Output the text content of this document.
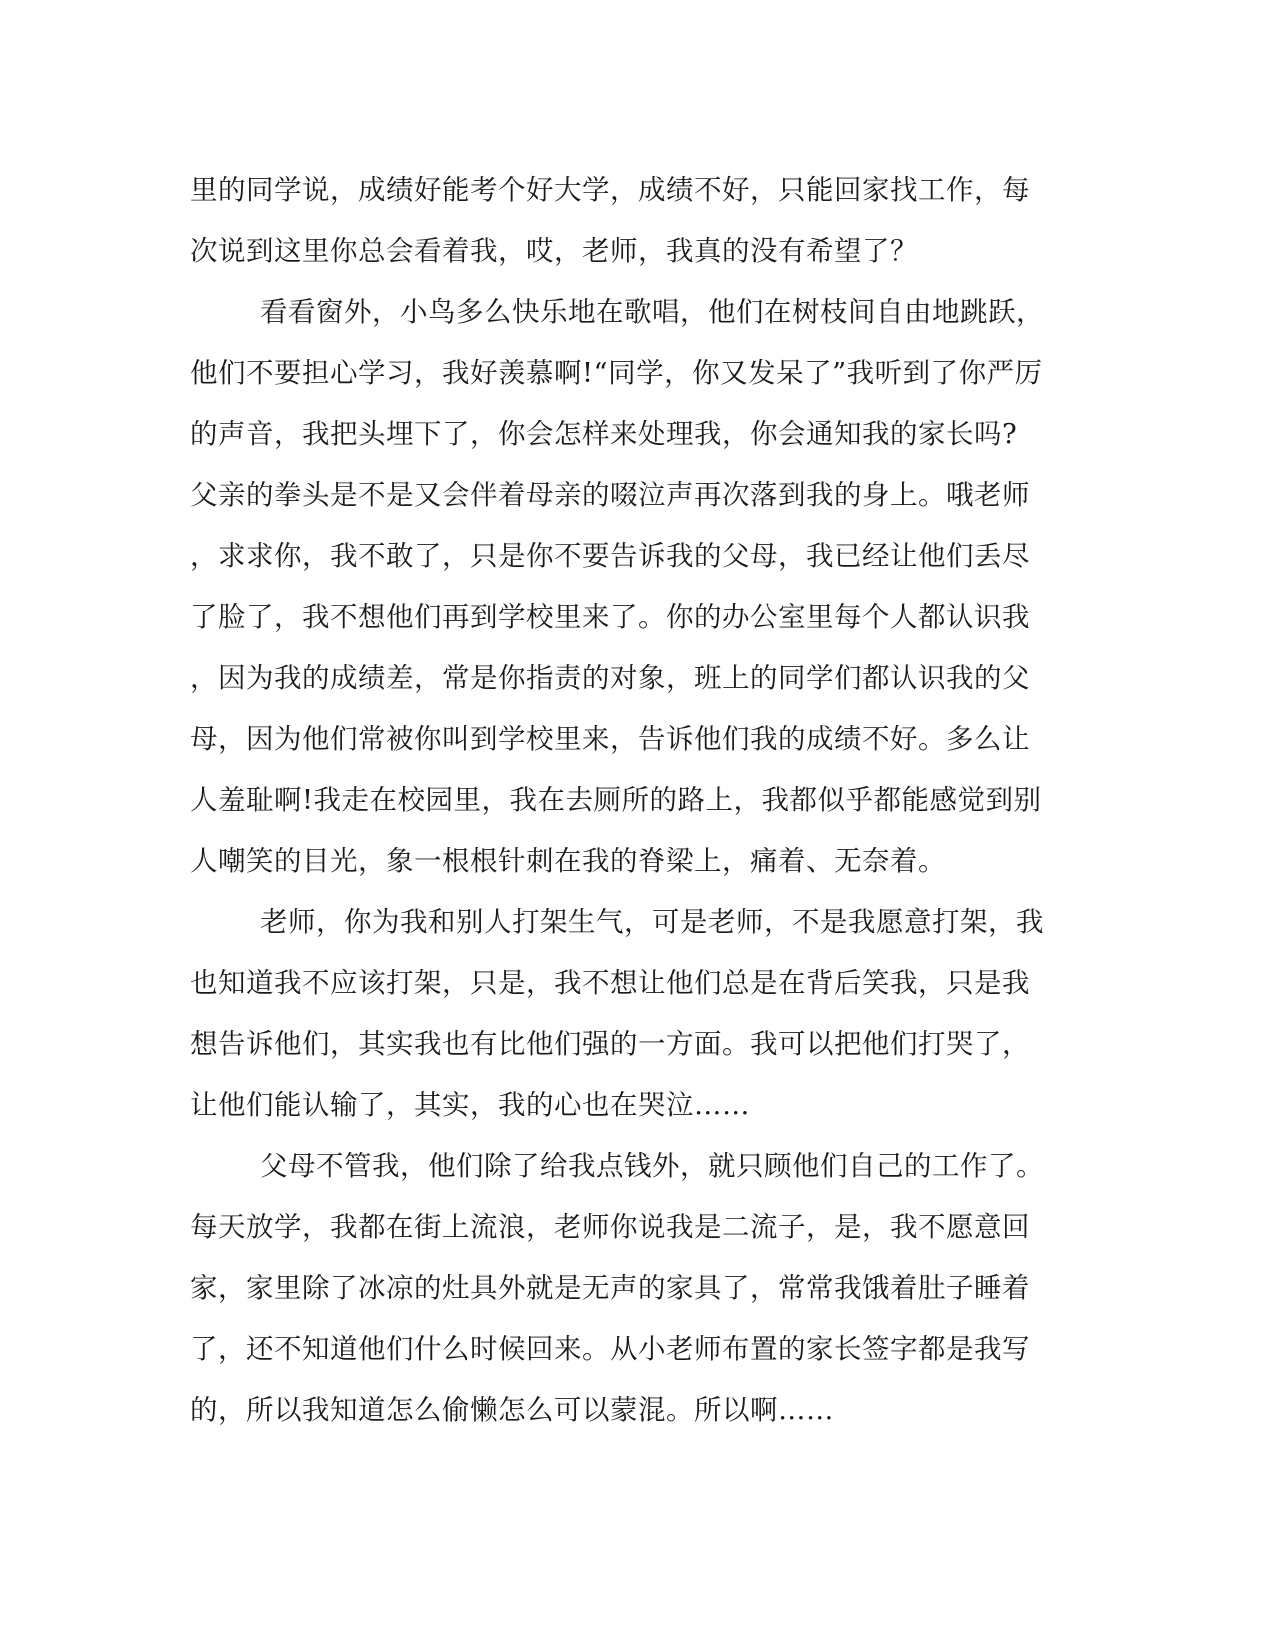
里的同学说，成绩好能考个好大学，成绩不好，只能回家找工作，每
次说到这里你总会看着我，哎，老师，我真的没有希望了？
看看窗外，小鸟多么快乐地在歌唱，他们在树枝间自由地跳跃，
他们不要担心学习，我好羡慕啊!“同学，你又发呆了”我听到了你严厉
的声音，我把头埋下了，你会怎样来处理我，你会通知我的家长吗?
父亲的拳头是不是又会伴着母亲的啜泣声再次落到我的身上。哦老师
，求求你，我不敢了，只是你不要告诉我的父母，我已经让他们丢尽
了脸了，我不想他们再到学校里来了。你的办公室里每个人都认识我
，因为我的成绩差，常是你指责的对象，班上的同学们都认识我的父
母，因为他们常被你叫到学校里来，告诉他们我的成绩不好。多么让
人羞耻啊!我走在校园里，我在去厕所的路上，我都似乎都能感觉到别
人嘲笑的目光，象一根根针刺在我的脊梁上，痛着、无奈着。
老师，你为我和别人打架生气，可是老师，不是我愿意打架，我
也知道我不应该打架，只是，我不想让他们总是在背后笑我，只是我
想告诉他们，其实我也有比他们强的一方面。我可以把他们打哭了，
让他们能认输了，其实，我的心也在哭泣……
父母不管我，他们除了给我点钱外，就只顾他们自己的工作了。
每天放学，我都在街上流浪，老师你说我是二流子，是，我不愿意回
家，家里除了冰凉的灶具外就是无声的家具了，常常我饿着肚子睡着
了，还不知道他们什么时候回来。从小老师布置的家长签字都是我写
的，所以我知道怎么偷懒怎么可以蒙混。所以啊……
